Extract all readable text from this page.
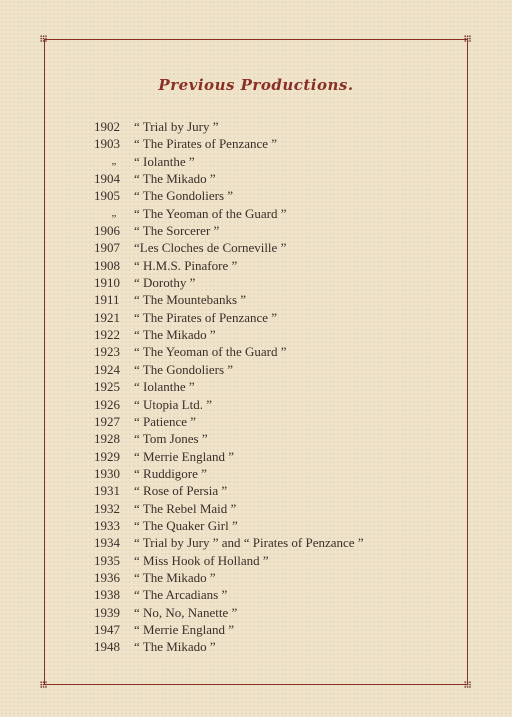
Previous Productions.
1902	“ Trial by Jury ”
1903	“ The Pirates of Penzance ”
„	“ Iolanthe ”
1904	“ The Mikado ”
1905	“ The Gondoliers ”
„	“ The Yeoman of the Guard ”
1906	“ The Sorcerer ”
1907	“Les Cloches de Corneville ”
1908	“ H.M.S. Pinafore ”
1910	“ Dorothy ”
1911	“ The Mountebanks ”
1921	“ The Pirates of Penzance ”
1922	“ The Mikado ”
1923	“ The Yeoman of the Guard ”
1924	“ The Gondoliers ”
1925	“ Iolanthe ”
1926	“ Utopia Ltd. ”
1927	“ Patience ”
1928	“ Tom Jones ”
1929	“ Merrie England ”
1930	“ Ruddigore ”
1931	“ Rose of Persia ”
1932	“ The Rebel Maid ”
1933	“ The Quaker Girl ”
1934	“ Trial by Jury ” and “ Pirates of Penzance ”
1935	“ Miss Hook of Holland ”
1936	“ The Mikado ”
1938	“ The Arcadians ”
1939	“ No, No, Nanette ”
1947	“ Merrie England ”
1948	“ The Mikado ”
